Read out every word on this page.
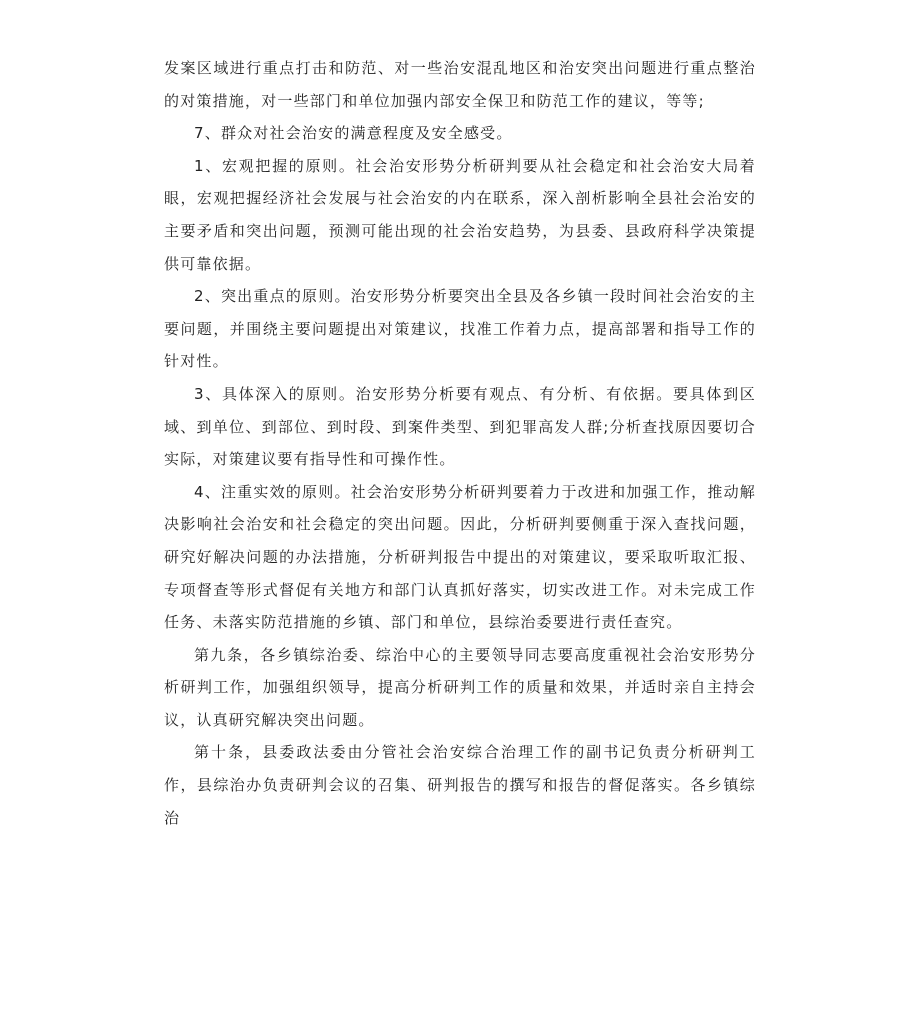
发案区域进行重点打击和防范、对一些治安混乱地区和治安突出问题进行重点整治的对策措施，对一些部门和单位加强内部安全保卫和防范工作的建议，等等;

7、群众对社会治安的满意程度及安全感受。

1、宏观把握的原则。社会治安形势分析研判要从社会稳定和社会治安大局着眼，宏观把握经济社会发展与社会治安的内在联系，深入剖析影响全县社会治安的主要矛盾和突出问题，预测可能出现的社会治安趋势，为县委、县政府科学决策提供可靠依据。

2、突出重点的原则。治安形势分析要突出全县及各乡镇一段时间社会治安的主要问题，并围绕主要问题提出对策建议，找准工作着力点，提高部署和指导工作的针对性。

3、具体深入的原则。治安形势分析要有观点、有分析、有依据。要具体到区域、到单位、到部位、到时段、到案件类型、到犯罪高发人群;分析查找原因要切合实际，对策建议要有指导性和可操作性。

4、注重实效的原则。社会治安形势分析研判要着力于改进和加强工作，推动解决影响社会治安和社会稳定的突出问题。因此，分析研判要侧重于深入查找问题，研究好解决问题的办法措施，分析研判报告中提出的对策建议，要采取听取汇报、专项督查等形式督促有关地方和部门认真抓好落实，切实改进工作。对未完成工作任务、未落实防范措施的乡镇、部门和单位，县综治委要进行责任查究。

第九条，各乡镇综治委、综治中心的主要领导同志要高度重视社会治安形势分析研判工作，加强组织领导，提高分析研判工作的质量和效果，并适时亲自主持会议，认真研究解决突出问题。

第十条，县委政法委由分管社会治安综合治理工作的副书记负责分析研判工作，县综治办负责研判会议的召集、研判报告的撰写和报告的督促落实。各乡镇综治
